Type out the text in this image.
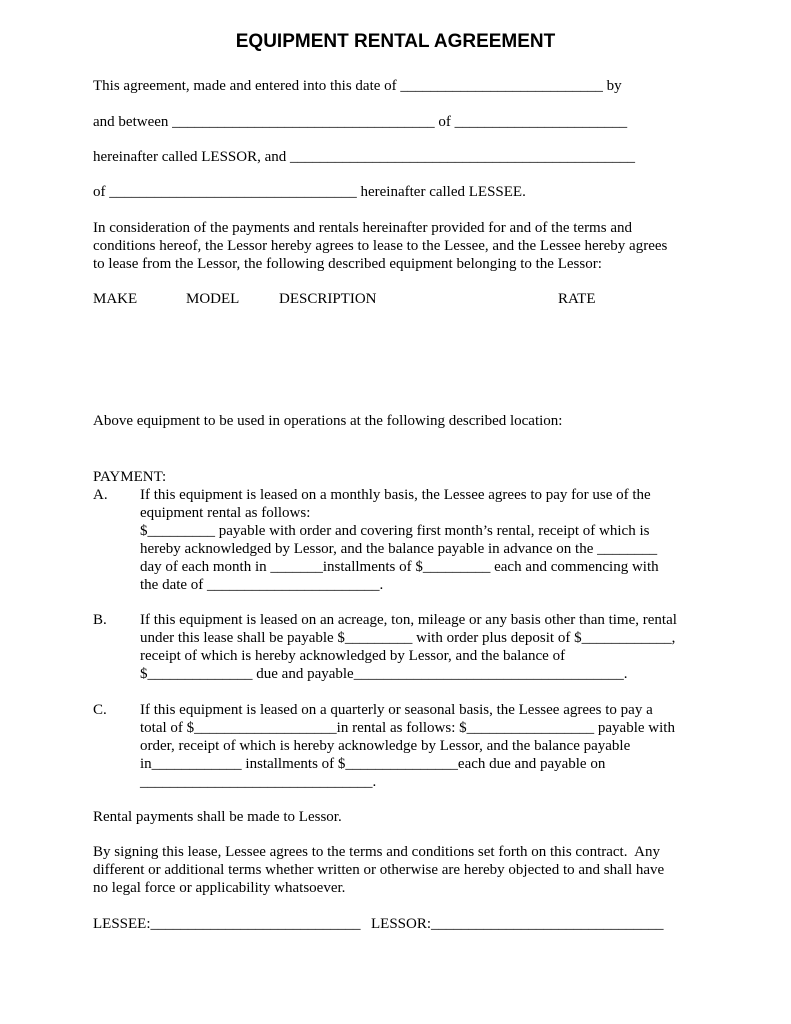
EQUIPMENT RENTAL AGREEMENT
This agreement, made and entered into this date of ___________________________ by
and between ___________________________________ of _______________________
hereinafter called LESSOR, and ______________________________________________
of _________________________________ hereinafter called LESSEE.
In consideration of the payments and rentals hereinafter provided for and of the terms and
conditions hereof, the Lessor hereby agrees to lease to the Lessee, and the Lessee hereby agrees
to lease from the Lessor, the following described equipment belonging to the Lessor:
MAKE	MODEL	DESCRIPTION	RATE
Above equipment to be used in operations at the following described location:
PAYMENT:
A. If this equipment is leased on a monthly basis, the Lessee agrees to pay for use of the
equipment rental as follows:
$_________ payable with order and covering first month’s rental, receipt of which is
hereby acknowledged by Lessor, and the balance payable in advance on the ________
day of each month in _______installments of $_________ each and commencing with
the date of _______________________.
B. If this equipment is leased on an acreage, ton, mileage or any basis other than time, rental
under this lease shall be payable $_________ with order plus deposit of $____________,
receipt of which is hereby acknowledged by Lessor, and the balance of
$______________ due and payable____________________________________.
C. If this equipment is leased on a quarterly or seasonal basis, the Lessee agrees to pay a
total of $___________________in rental as follows: $_________________ payable with
order, receipt of which is hereby acknowledge by Lessor, and the balance payable
in____________ installments of $_______________each due and payable on
_______________________________.
Rental payments shall be made to Lessor.
By signing this lease, Lessee agrees to the terms and conditions set forth on this contract.  Any
different or additional terms whether written or otherwise are hereby objected to and shall have
no legal force or applicability whatsoever.
LESSEE:____________________________ LESSOR:_______________________________
